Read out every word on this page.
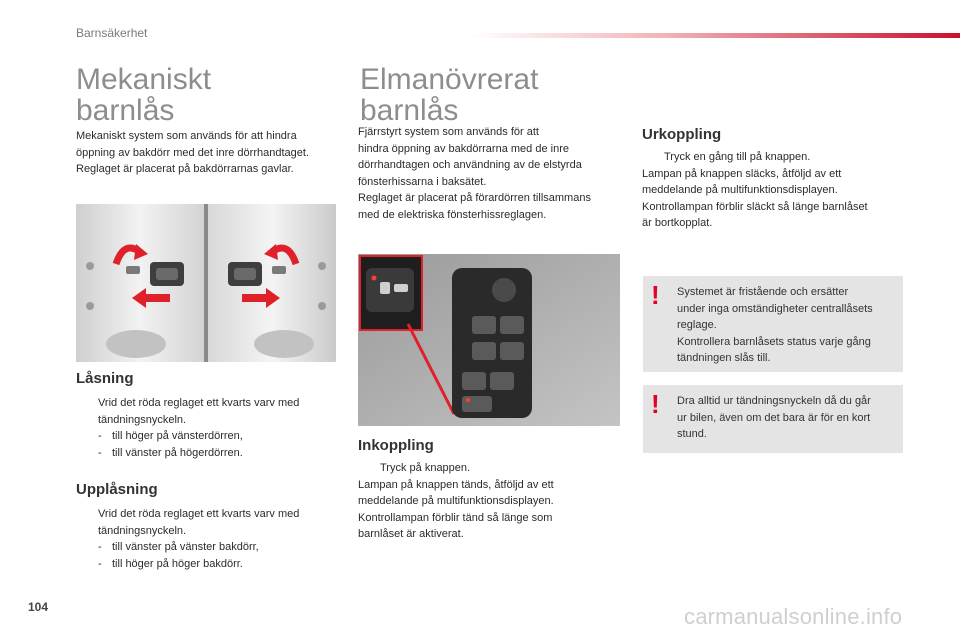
Barnsäkerhet
Mekaniskt
barnlås

Mekaniskt system som används för att hindra

öppning av bakdörr med det inre dörrhandtaget.

Reglaget är placerat på bakdörrarnas gavlar.

Låsning

Vrid det röda reglaget ett kvarts varv med

tändningsnyckeln.

- till höger på vänsterdörren,
- till vänster på högerdörren.
Upplåsning

Vrid det röda reglaget ett kvarts varv med

tändningsnyckeln.

- till vänster på vänster bakdörr,
- till höger på höger bakdörr.
Elmanövrerat
barnlås

Fjärrstyrt system som används för att

hindra öppning av bakdörrarna med de inre

dörrhandtagen och användning av de elstyrda

fönsterhissarna i baksätet.

Reglaget är placerat på förardörren tillsammans

med de elektriska fönsterhissreglagen.

Inkoppling
Tryck på knappen.

Lampan på knappen tänds, åtföljd av ett

meddelande på multifunktionsdisplayen.

Kontrollampan förblir tänd så länge som

barnlåset är aktiverat.

Urkoppling
Tryck en gång till på knappen.

Lampan på knappen släcks, åtföljd av ett

meddelande på multifunktionsdisplayen.

Kontrollampan förblir släckt så länge barnlåset

är bortkopplat.

! Systemet är fristående och ersätter

under inga omständigheter centrallåsets

reglage.

Kontrollera barnlåsets status varje gång

tändningen slås till.

! Dra alltid ur tändningsnyckeln då du går

ur bilen, även om det bara är för en kort

stund.

104	carmanualsonline.info
